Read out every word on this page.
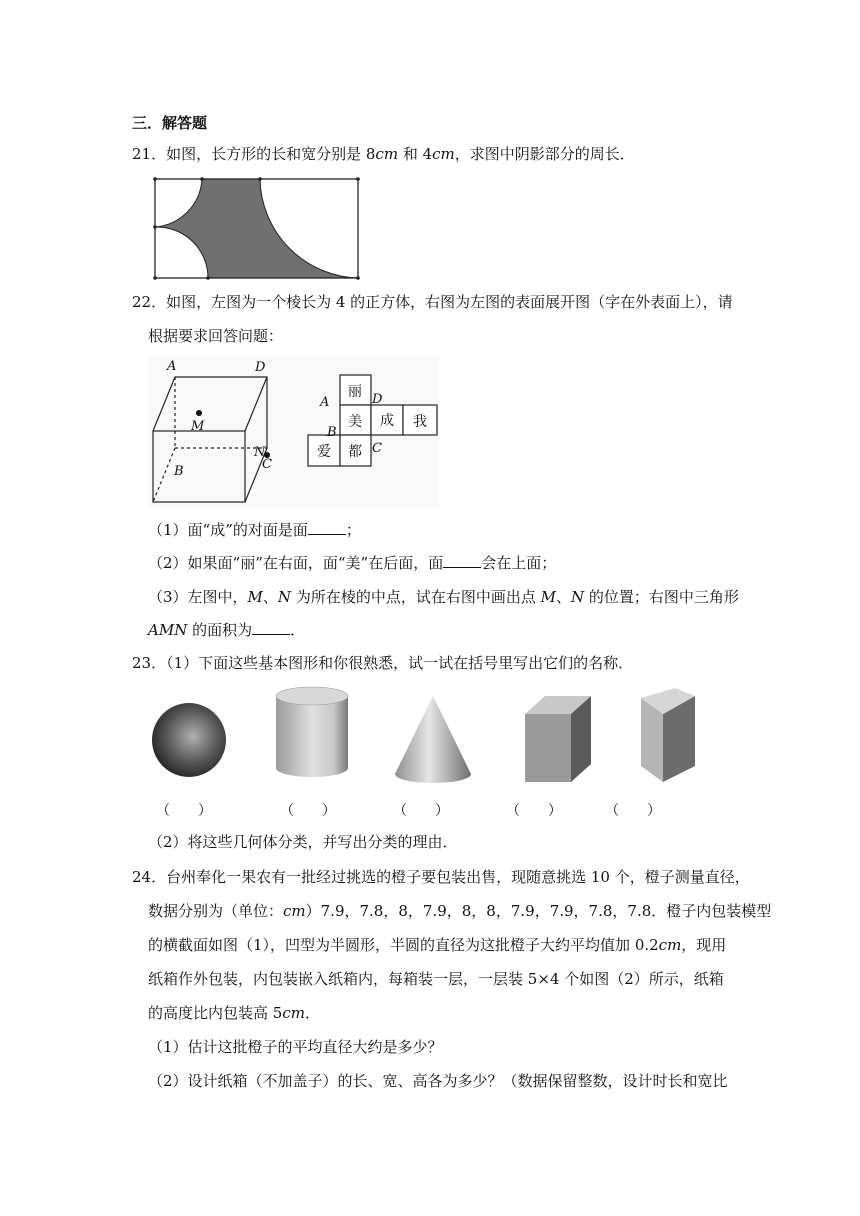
三．解答题
21．如图，长方形的长和宽分别是 8cm 和 4cm，求图中阴影部分的周长．
22．如图，左图为一个棱长为 4 的正方体，右图为左图的表面展开图（字在外表面上），请
根据要求回答问题：
A	D
M
N
B	C
丽
美 成 我
爱 都
A	D
B
C
（1）面“成”的对面是面	；
（2）如果面“丽”在右面，面“美”在后面，面	会在上面；
（3）左图中，M、N 为所在棱的中点，试在右图中画出点 M、N 的位置；右图中三角形
AMN 的面积为	．
23．（1）下面这些基本图形和你很熟悉，试一试在括号里写出它们的名称．
（　　）	（　　）	（　　）	（　　）	（　　）
（2）将这些几何体分类，并写出分类的理由．
24．台州奉化一果农有一批经过挑选的橙子要包装出售，现随意挑选 10 个，橙子测量直径，
数据分别为（单位：cm）7.9，7.8，8，7.9，8，8，7.9，7.9，7.8，7.8．橙子内包装模型
的横截面如图（1），凹型为半圆形，半圆的直径为这批橙子大约平均值加 0.2cm，现用
纸箱作外包装，内包装嵌入纸箱内，每箱装一层，一层装 5×4 个如图（2）所示，纸箱
的高度比内包装高 5cm．
（1）估计这批橙子的平均直径大约是多少？
（2）设计纸箱（不加盖子）的长、宽、高各为多少？（数据保留整数，设计时长和宽比
